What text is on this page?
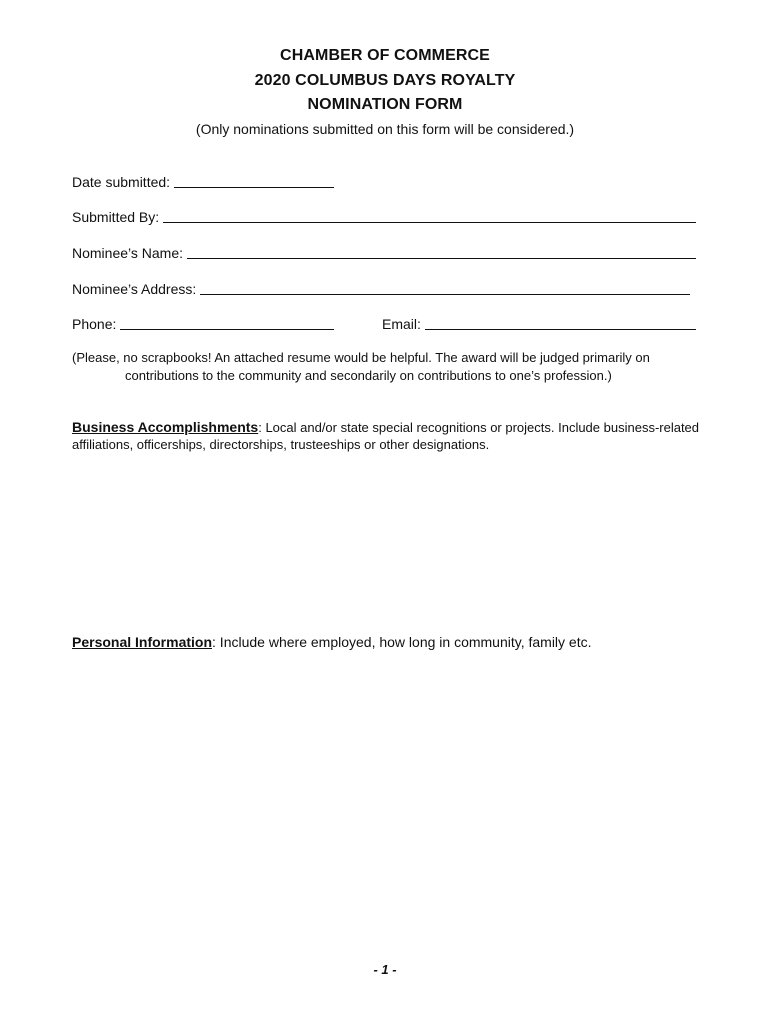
CHAMBER OF COMMERCE
2020 COLUMBUS DAYS ROYALTY
NOMINATION FORM
(Only nominations submitted on this form will be considered.)
Date submitted:
Submitted By:
Nominee’s Name:
Nominee’s Address:
Phone:	Email:
(Please, no scrapbooks! An attached resume would be helpful. The award will be judged primarily on
contributions to the community and secondarily on contributions to one’s profession.)
Business Accomplishments: Local and/or state special recognitions or projects. Include business-related affiliations, officerships, directorships, trusteeships or other designations.
Personal Information: Include where employed, how long in community, family etc.
- 1 -
